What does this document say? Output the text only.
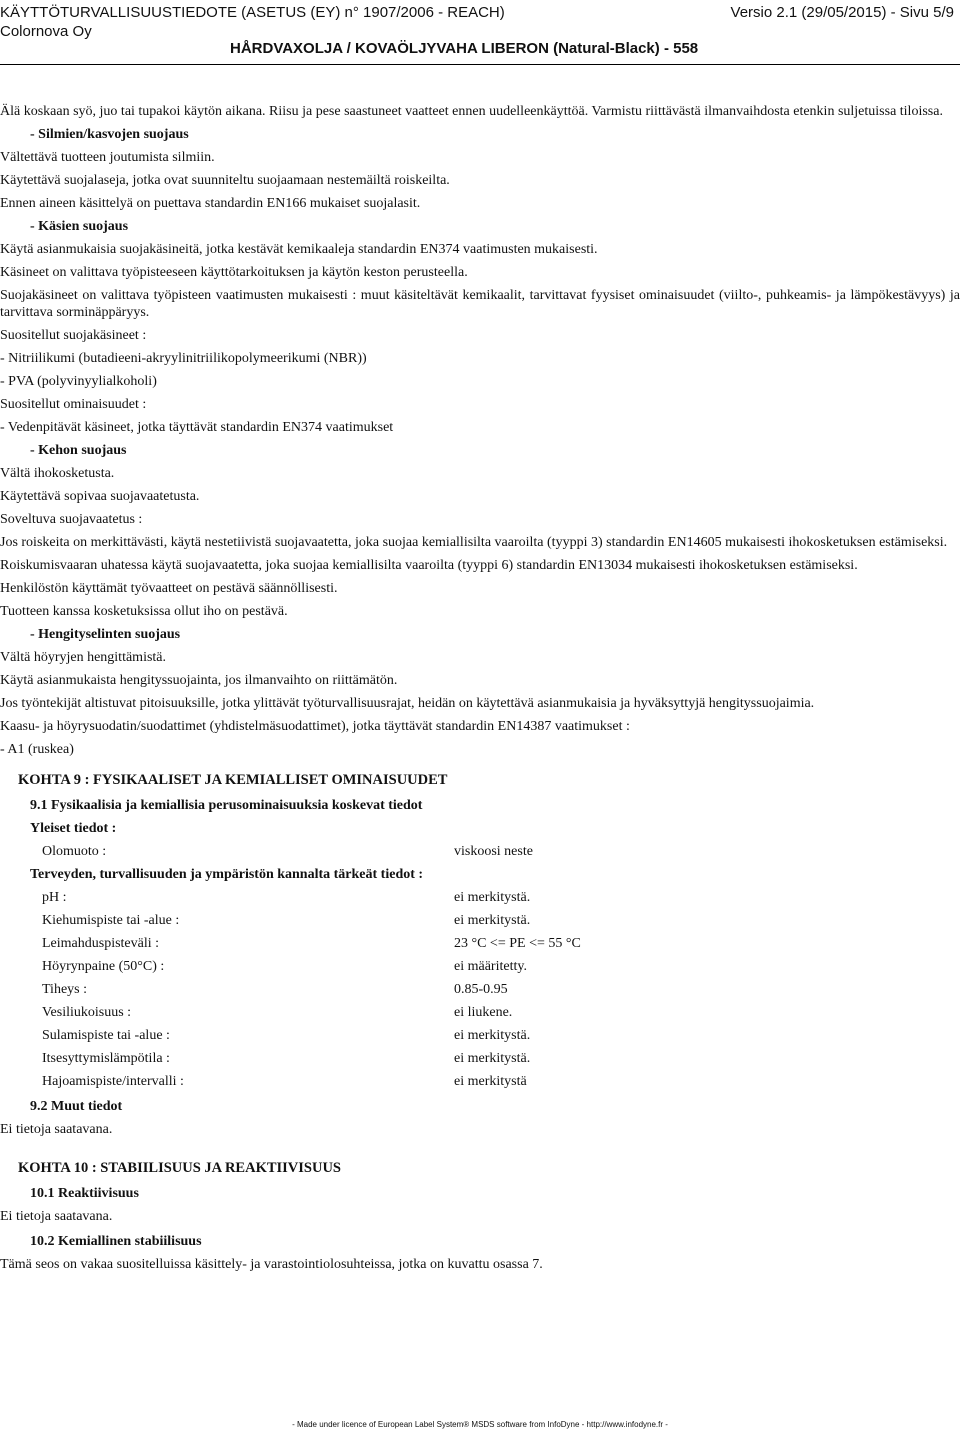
KÄYTTÖTURVALLISUUSTIEDOTE (ASETUS (EY) n° 1907/2006 - REACH)	Versio 2.1 (29/05/2015) - Sivu 5/9
Colornova Oy
HÅRDVAXOLJA / KOVAÖLJYVAHA LIBERON (Natural-Black) - 558

Älä koskaan syö, juo tai tupakoi käytön aikana. Riisu ja pese saastuneet vaatteet ennen uudelleenkäyttöä. Varmistu riittävästä ilmanvaihdosta etenkin suljetuissa tiloissa.

- Silmien/kasvojen suojaus

Vältettävä tuotteen joutumista silmiin.

Käytettävä suojalaseja, jotka ovat suunniteltu suojaamaan nestemäiltä roiskeilta.

Ennen aineen käsittelyä on puettava standardin EN166 mukaiset suojalasit.

- Käsien suojaus

Käytä asianmukaisia suojakäsineitä, jotka kestävät kemikaaleja standardin EN374 vaatimusten mukaisesti.

Käsineet on valittava työpisteeseen käyttötarkoituksen ja käytön keston perusteella.

Suojakäsineet on valittava työpisteen vaatimusten mukaisesti : muut käsiteltävät kemikaalit, tarvittavat fyysiset ominaisuudet (viilto-, puhkeamis- ja lämpökestävyys) ja tarvittava sorminäppäryys.

Suositellut suojakäsineet :

- Nitriilikumi (butadieeni-akryylinitriilikopolymeerikumi (NBR))

- PVA (polyvinyylialkoholi)

Suositellut ominaisuudet :

- Vedenpitävät käsineet, jotka täyttävät standardin EN374 vaatimukset

- Kehon suojaus

Vältä ihokosketusta.

Käytettävä sopivaa suojavaatetusta.

Soveltuva suojavaatetus :

Jos roiskeita on merkittävästi, käytä nestetiivistä suojavaatetta, joka suojaa kemiallisilta vaaroilta (tyyppi 3) standardin EN14605 mukaisesti ihokosketuksen estämiseksi.

Roiskumisvaaran uhatessa käytä suojavaatetta, joka suojaa kemiallisilta vaaroilta (tyyppi 6) standardin EN13034 mukaisesti ihokosketuksen estämiseksi.

Henkilöstön käyttämät työvaatteet on pestävä säännöllisesti.

Tuotteen kanssa kosketuksissa ollut iho on pestävä.

- Hengityselinten suojaus

Vältä höyryjen hengittämistä.

Käytä asianmukaista hengityssuojainta, jos ilmanvaihto on riittämätön.

Jos työntekijät altistuvat pitoisuuksille, jotka ylittävät työturvallisuusrajat, heidän on käytettävä asianmukaisia ja hyväksyttyjä hengityssuojaimia.

Kaasu- ja höyrysuodatin/suodattimet (yhdistelmäsuodattimet), jotka täyttävät standardin EN14387 vaatimukset :

- A1 (ruskea)

KOHTA 9 : FYSIKAALISET JA KEMIALLISET OMINAISUUDET
9.1 Fysikaalisia ja kemiallisia perusominaisuuksia koskevat tiedot
Yleiset tiedot :
Olomuoto :	viskoosi neste
Terveyden, turvallisuuden ja ympäristön kannalta tärkeät tiedot :
pH :	ei merkitystä.
Kiehumispiste tai -alue :	ei merkitystä.
Leimahduspisteväli :	23 °C <= PE <= 55 °C
Höyrynpaine (50°C) :	ei määritetty.
Tiheys :	0.85-0.95
Vesiliukoisuus :	ei liukene.
Sulamispiste tai -alue :	ei merkitystä.
Itsesyttymislämpötila :	ei merkitystä.
Hajoamispiste/intervalli :	ei merkitystä
9.2 Muut tiedot

Ei tietoja saatavana.

KOHTA 10 : STABIILISUUS JA REAKTIIVISUUS
10.1 Reaktiivisuus

Ei tietoja saatavana.

10.2 Kemiallinen stabiilisuus

Tämä seos on vakaa suositelluissa käsittely- ja varastointiolosuhteissa, jotka on kuvattu osassa 7.

- Made under licence of European Label System® MSDS software from InfoDyne - http://www.infodyne.fr -
